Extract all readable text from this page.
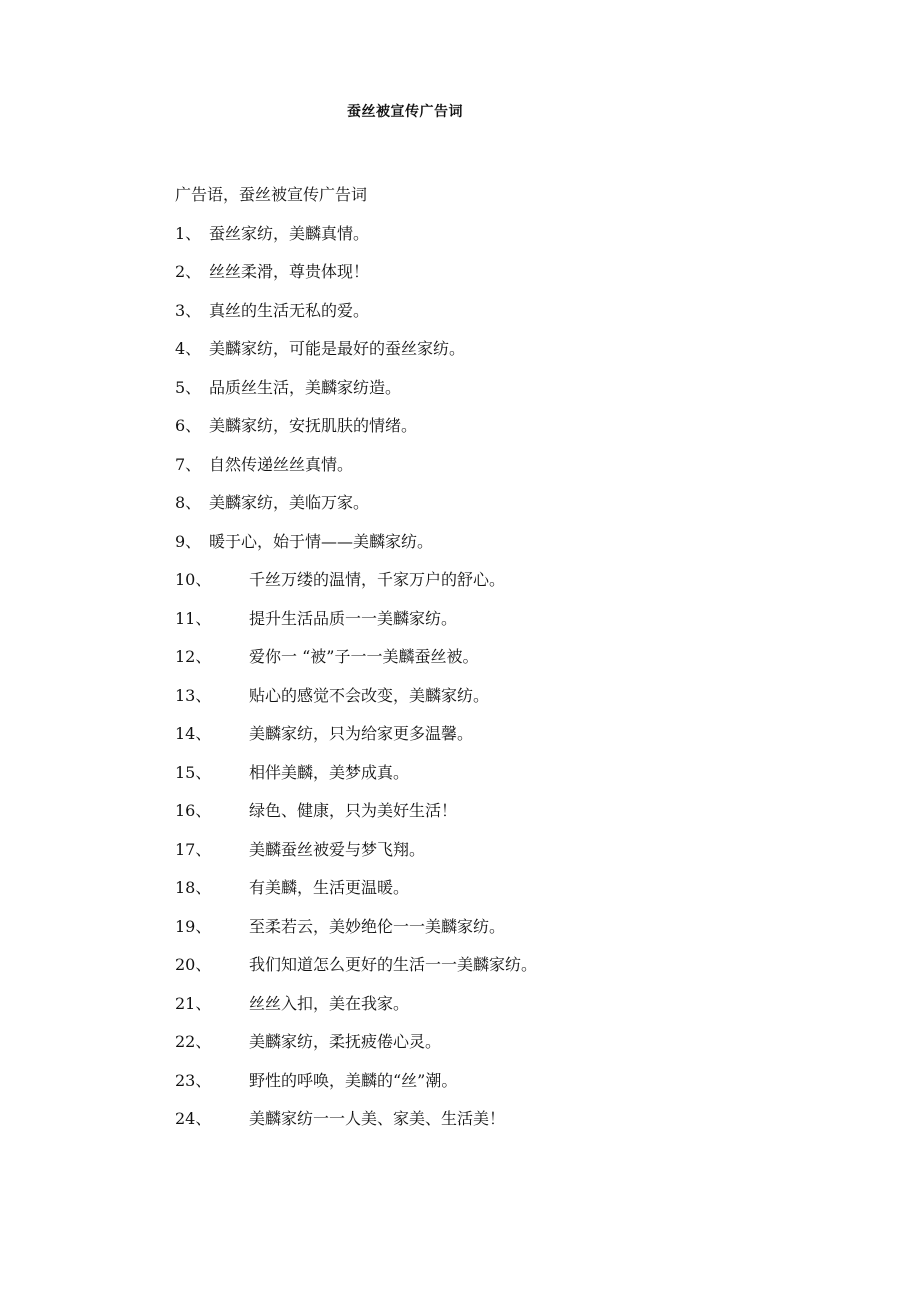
蚕丝被宣传广告词
广告语，蚕丝被宣传广告词
1、 蚕丝家纺，美麟真情。
2、 丝丝柔滑，尊贵体现！
3、 真丝的生活无私的爱。
4、 美麟家纺，可能是最好的蚕丝家纺。
5、 品质丝生活，美麟家纺造。
6、 美麟家纺，安抚肌肤的情绪。
7、 自然传递丝丝真情。
8、 美麟家纺，美临万家。
9、 暖于心，始于情——美麟家纺。
10、 千丝万缕的温情，千家万户的舒心。
11、 提升生活品质一一美麟家纺。
12、 爱你一 “被”子一一美麟蚕丝被。
13、 贴心的感觉不会改变，美麟家纺。
14、 美麟家纺，只为给家更多温馨。
15、 相伴美麟，美梦成真。
16、 绿色、健康，只为美好生活！
17、 美麟蚕丝被爱与梦飞翔。
18、 有美麟，生活更温暖。
19、 至柔若云，美妙绝伦一一美麟家纺。
20、 我们知道怎么更好的生活一一美麟家纺。
21、 丝丝入扣，美在我家。
22、 美麟家纺，柔抚疲倦心灵。
23、 野性的呼唤，美麟的“丝”潮。
24、 美麟家纺一一人美、家美、生活美！
